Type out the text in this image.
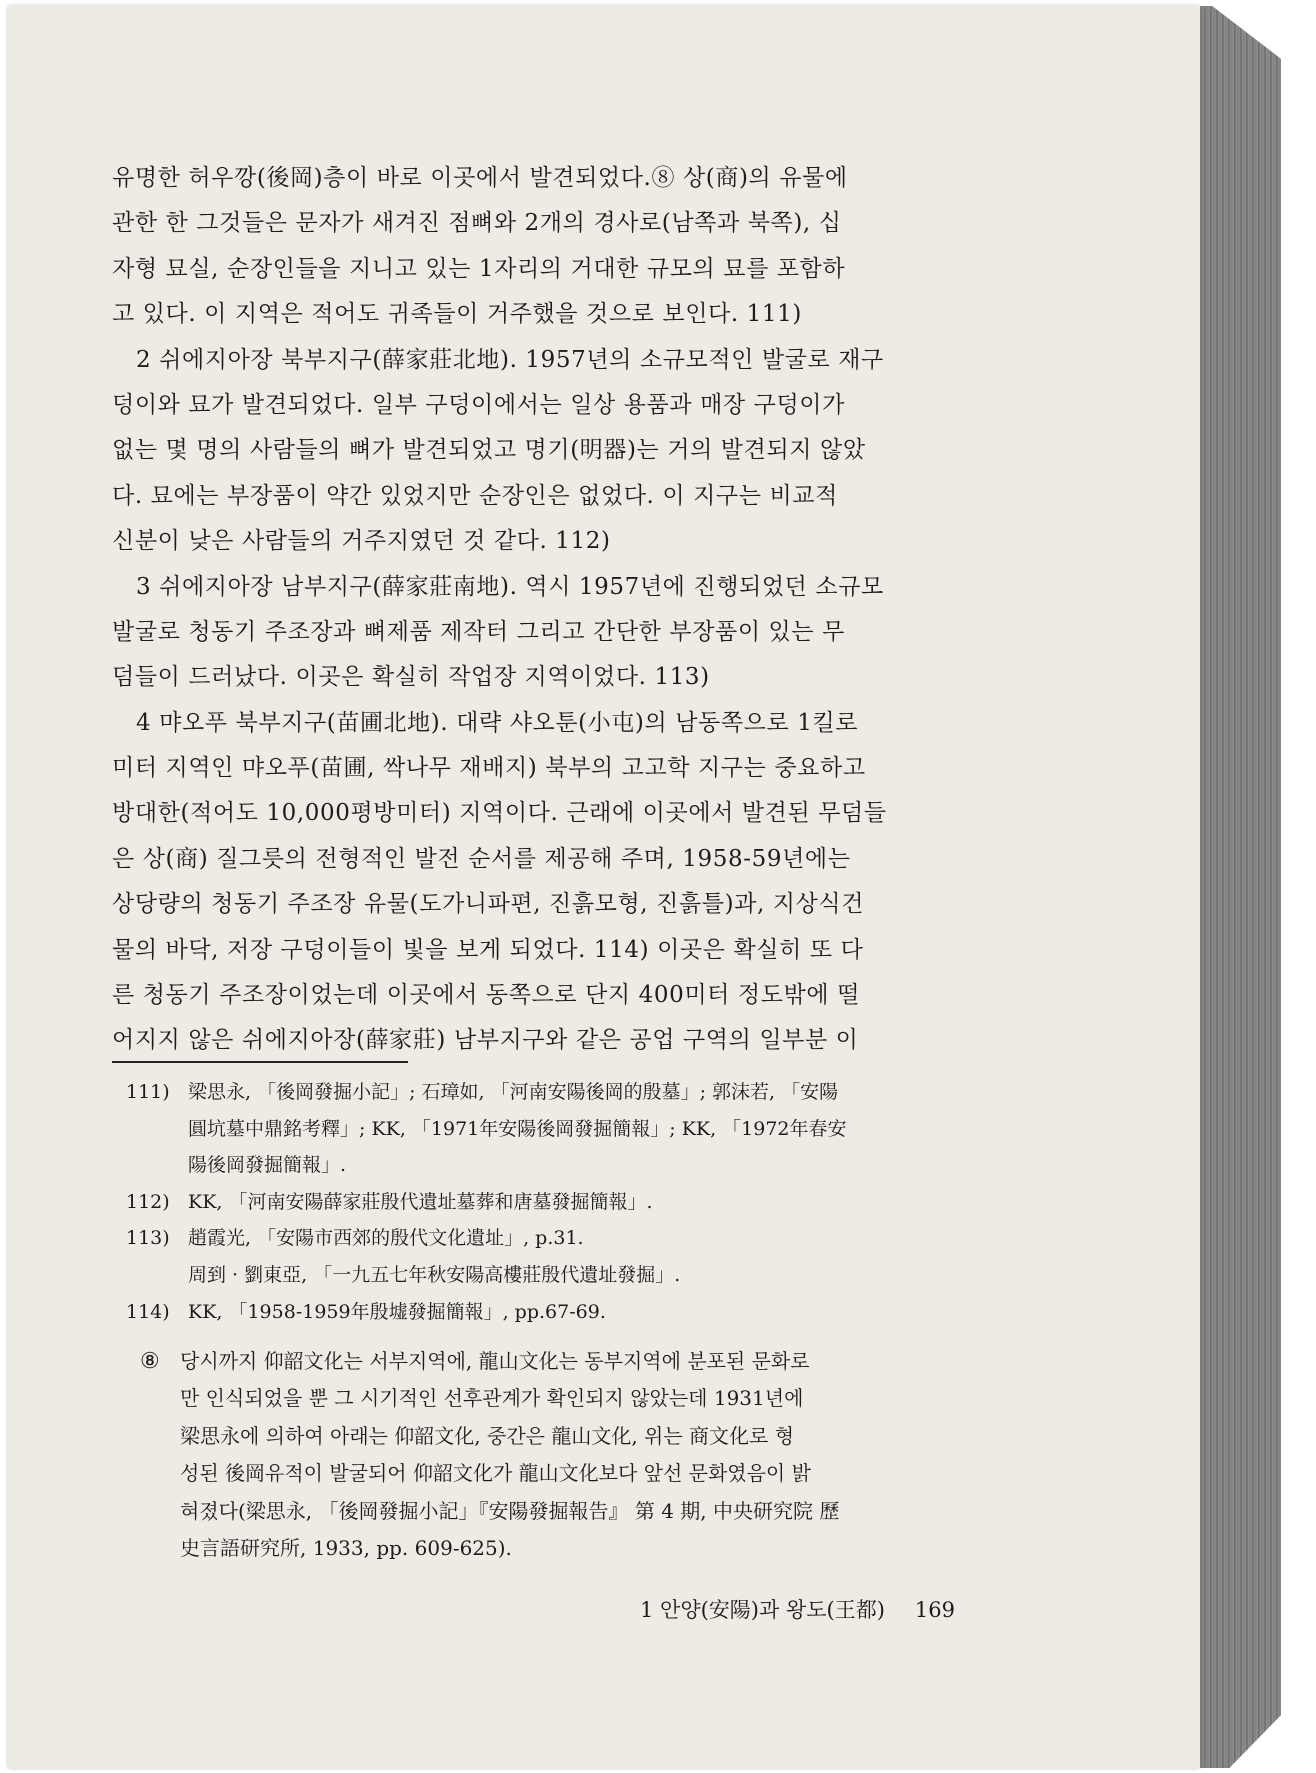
유명한 허우깡(後岡)층이 바로 이곳에서 발견되었다.⑧ 상(商)의 유물에
관한 한 그것들은 문자가 새겨진 점뼈와 2개의 경사로(남쪽과 북쪽), 십
자형 묘실, 순장인들을 지니고 있는 1자리의 거대한 규모의 묘를 포함하
고 있다. 이 지역은 적어도 귀족들이 거주했을 것으로 보인다. 111)
2 쉬에지아장 북부지구(薛家莊北地). 1957년의 소규모적인 발굴로 재구
덩이와 묘가 발견되었다. 일부 구덩이에서는 일상 용품과 매장 구덩이가
없는 몇 명의 사람들의 뼈가 발견되었고 명기(明器)는 거의 발견되지 않았
다. 묘에는 부장품이 약간 있었지만 순장인은 없었다. 이 지구는 비교적
신분이 낮은 사람들의 거주지였던 것 같다. 112)
3 쉬에지아장 남부지구(薛家莊南地). 역시 1957년에 진행되었던 소규모
발굴로 청동기 주조장과 뼈제품 제작터 그리고 간단한 부장품이 있는 무
덤들이 드러났다. 이곳은 확실히 작업장 지역이었다. 113)
4 먀오푸 북부지구(苗圃北地). 대략 샤오툰(小屯)의 남동쪽으로 1킬로
미터 지역인 먀오푸(苗圃, 싹나무 재배지) 북부의 고고학 지구는 중요하고
방대한(적어도 10,000평방미터) 지역이다. 근래에 이곳에서 발견된 무덤들
은 상(商) 질그릇의 전형적인 발전 순서를 제공해 주며, 1958-59년에는
상당량의 청동기 주조장 유물(도가니파편, 진흙모형, 진흙틀)과, 지상식건
물의 바닥, 저장 구덩이들이 빛을 보게 되었다. 114) 이곳은 확실히 또 다
른 청동기 주조장이었는데 이곳에서 동쪽으로 단지 400미터 정도밖에 떨
어지지 않은 쉬에지아장(薛家莊) 남부지구와 같은 공업 구역의 일부분 이
111) 梁思永, 「後岡發掘小記」; 石璋如, 「河南安陽後岡的殷墓」; 郭沫若, 「安陽
圓坑墓中鼎銘考釋」; KK, 「1971年安陽後岡發掘簡報」; KK, 「1972年春安
陽後岡發掘簡報」.
112) KK, 「河南安陽薛家莊殷代遺址墓葬和唐墓發掘簡報」.
113) 趙霞光, 「安陽市西郊的殷代文化遺址」, p.31.
周到 · 劉東亞, 「一九五七年秋安陽高樓莊殷代遺址發掘」.
114) KK, 「1958-1959年殷墟發掘簡報」, pp.67-69.
⑧	당시까지 仰韶文化는 서부지역에, 龍山文化는 동부지역에 분포된 문화로
만 인식되었을 뿐 그 시기적인 선후관계가 확인되지 않았는데 1931년에
梁思永에 의하여 아래는 仰韶文化, 중간은 龍山文化, 위는 商文化로 형
성된 後岡유적이 발굴되어 仰韶文化가 龍山文化보다 앞선 문화였음이 밝
혀졌다(梁思永, 「後岡發掘小記」『安陽發掘報告』 第 4 期, 中央研究院 歷
史言語研究所, 1933, pp. 609-625).
1 안양(安陽)과 왕도(王都) 169
